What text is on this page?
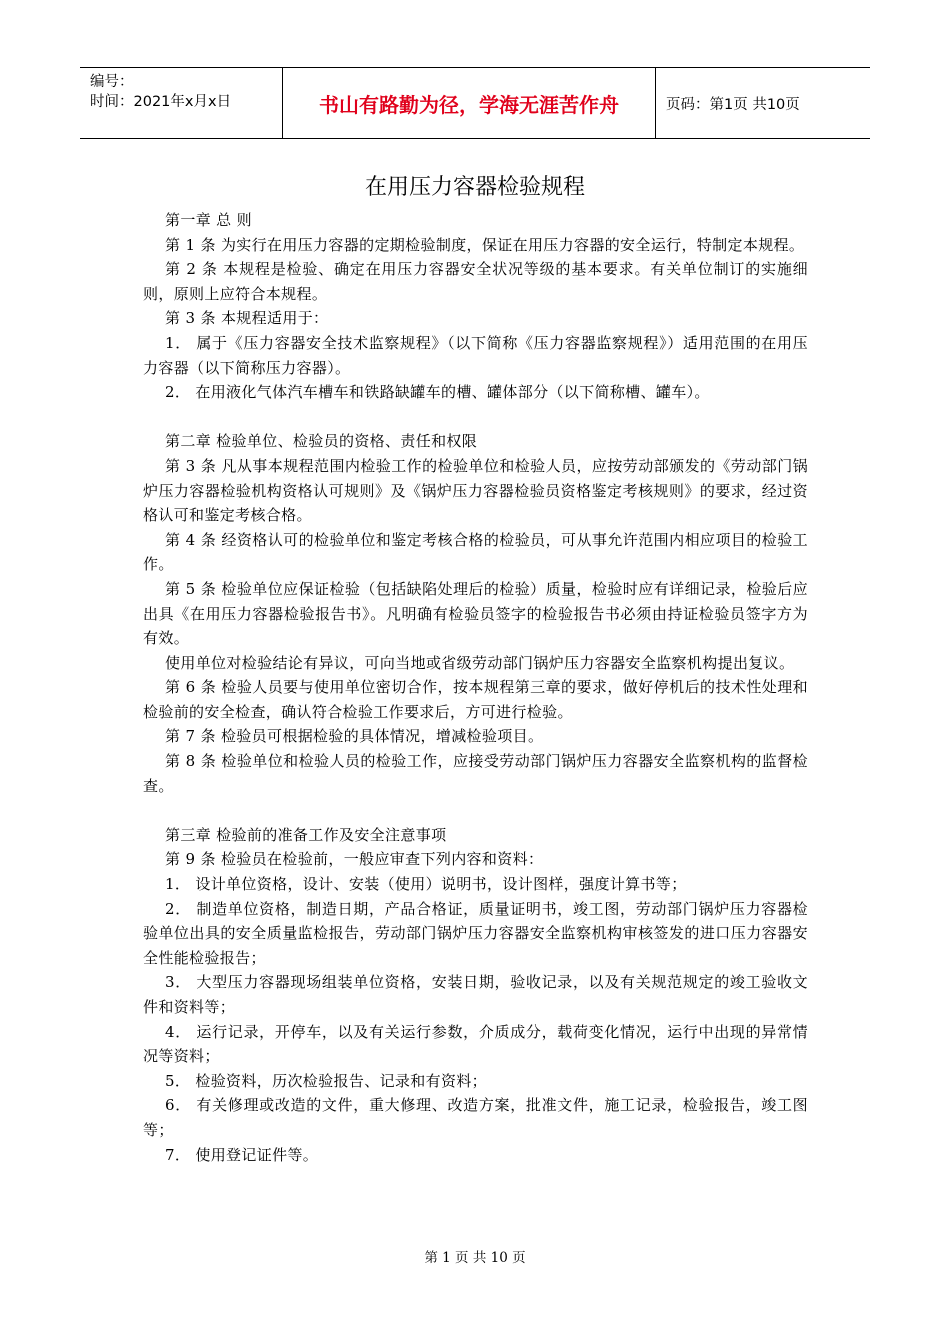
编号：
时间：2021年x月x日	书山有路勤为径，学海无涯苦作舟	页码：第1页 共10页
在用压力容器检验规程

第一章 总 则

第 1 条 为实行在用压力容器的定期检验制度，保证在用压力容器的安全运行，特制定本规程。

第 2 条 本规程是检验、确定在用压力容器安全状况等级的基本要求。有关单位制订的实施细则，原则上应符合本规程。

第 3 条 本规程适用于：

1． 属于《压力容器安全技术监察规程》（以下简称《压力容器监察规程》）适用范围的在用压力容器（以下简称压力容器）。

2． 在用液化气体汽车槽车和铁路缺罐车的槽、罐体部分（以下简称槽、罐车）。

第二章 检验单位、检验员的资格、责任和权限

第 3 条 凡从事本规程范围内检验工作的检验单位和检验人员，应按劳动部颁发的《劳动部门锅炉压力容器检验机构资格认可规则》及《锅炉压力容器检验员资格鉴定考核规则》的要求，经过资格认可和鉴定考核合格。

第 4 条 经资格认可的检验单位和鉴定考核合格的检验员，可从事允许范围内相应项目的检验工作。

第 5 条 检验单位应保证检验（包括缺陷处理后的检验）质量，检验时应有详细记录，检验后应出具《在用压力容器检验报告书》。凡明确有检验员签字的检验报告书必须由持证检验员签字方为有效。

使用单位对检验结论有异议，可向当地或省级劳动部门锅炉压力容器安全监察机构提出复议。

第 6 条 检验人员要与使用单位密切合作，按本规程第三章的要求，做好停机后的技术性处理和检验前的安全检查，确认符合检验工作要求后，方可进行检验。

第 7 条 检验员可根据检验的具体情况，增减检验项目。

第 8 条 检验单位和检验人员的检验工作，应接受劳动部门锅炉压力容器安全监察机构的监督检查。

第三章 检验前的准备工作及安全注意事项

第 9 条 检验员在检验前，一般应审查下列内容和资料：

1． 设计单位资格，设计、安装（使用）说明书，设计图样，强度计算书等；

2． 制造单位资格，制造日期，产品合格证，质量证明书，竣工图，劳动部门锅炉压力容器检验单位出具的安全质量监检报告，劳动部门锅炉压力容器安全监察机构审核签发的进口压力容器安全性能检验报告；

3． 大型压力容器现场组装单位资格，安装日期，验收记录，以及有关规范规定的竣工验收文件和资料等；

4． 运行记录，开停车，以及有关运行参数，介质成分，载荷变化情况，运行中出现的异常情况等资料；

5． 检验资料，历次检验报告、记录和有资料；

6． 有关修理或改造的文件，重大修理、改造方案，批准文件，施工记录，检验报告，竣工图等；

7． 使用登记证件等。

第 1 页 共 10 页
